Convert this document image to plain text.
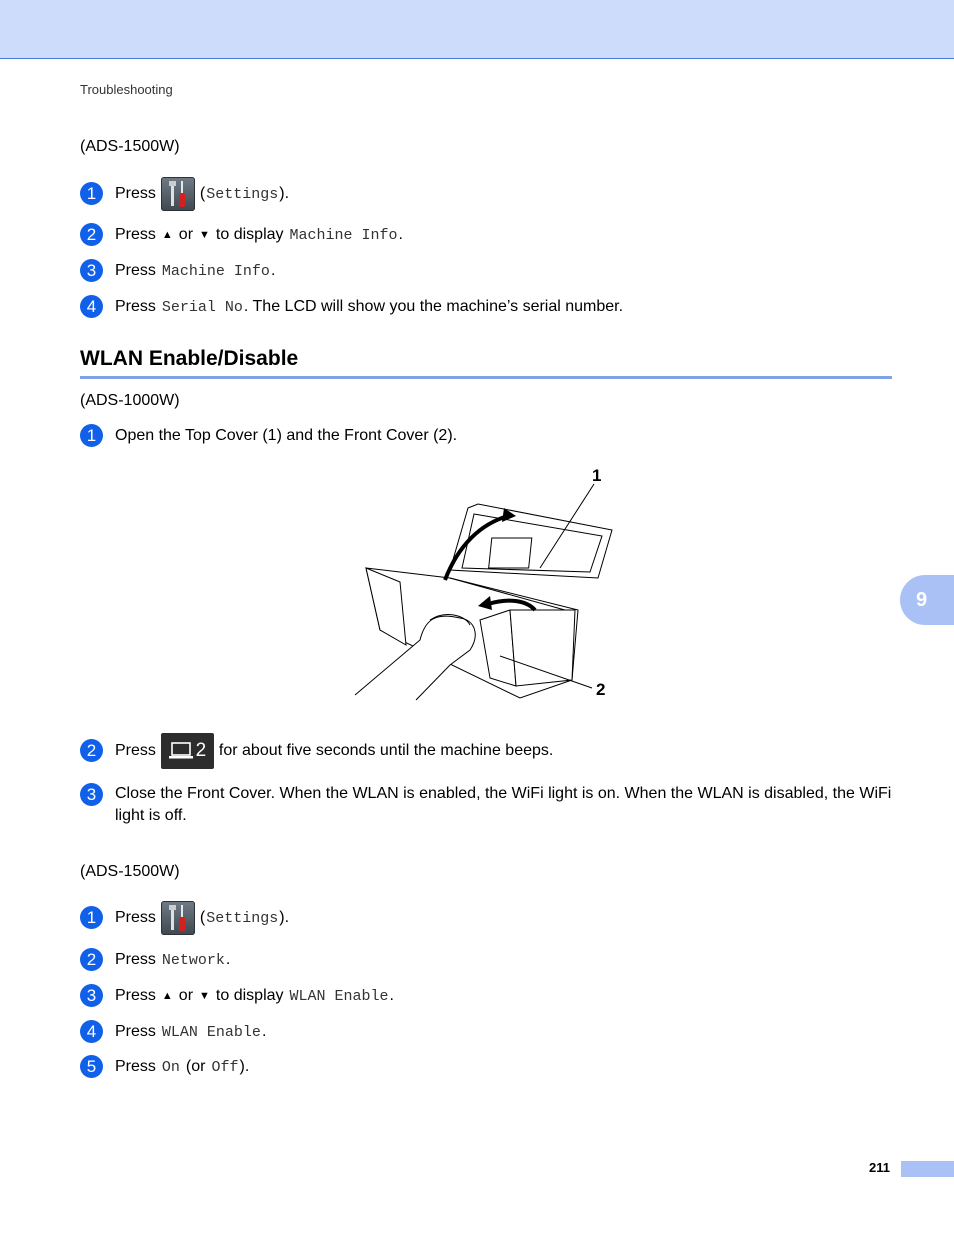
Troubleshooting
(ADS-1500W)
1	Press	( Settings ).
2	Press ▲ or ▼ to display Machine Info .
3	Press Machine Info .
4	Press Serial No . The LCD will show you the machine’s serial number.
WLAN Enable/Disable
(ADS-1000W)
1	Open the Top Cover (1) and the Front Cover (2).
1
2
2	Press 2 for about five seconds until the machine beeps.
3	Close the Front Cover. When the WLAN is enabled, the WiFi light is on. When the WLAN is disabled, the WiFi light is off.
(ADS-1500W)
1	Press	( Settings ).
2	Press Network .
3	Press ▲ or ▼ to display WLAN Enable .
4	Press WLAN Enable .
5	Press On (or Off ).
9
211
